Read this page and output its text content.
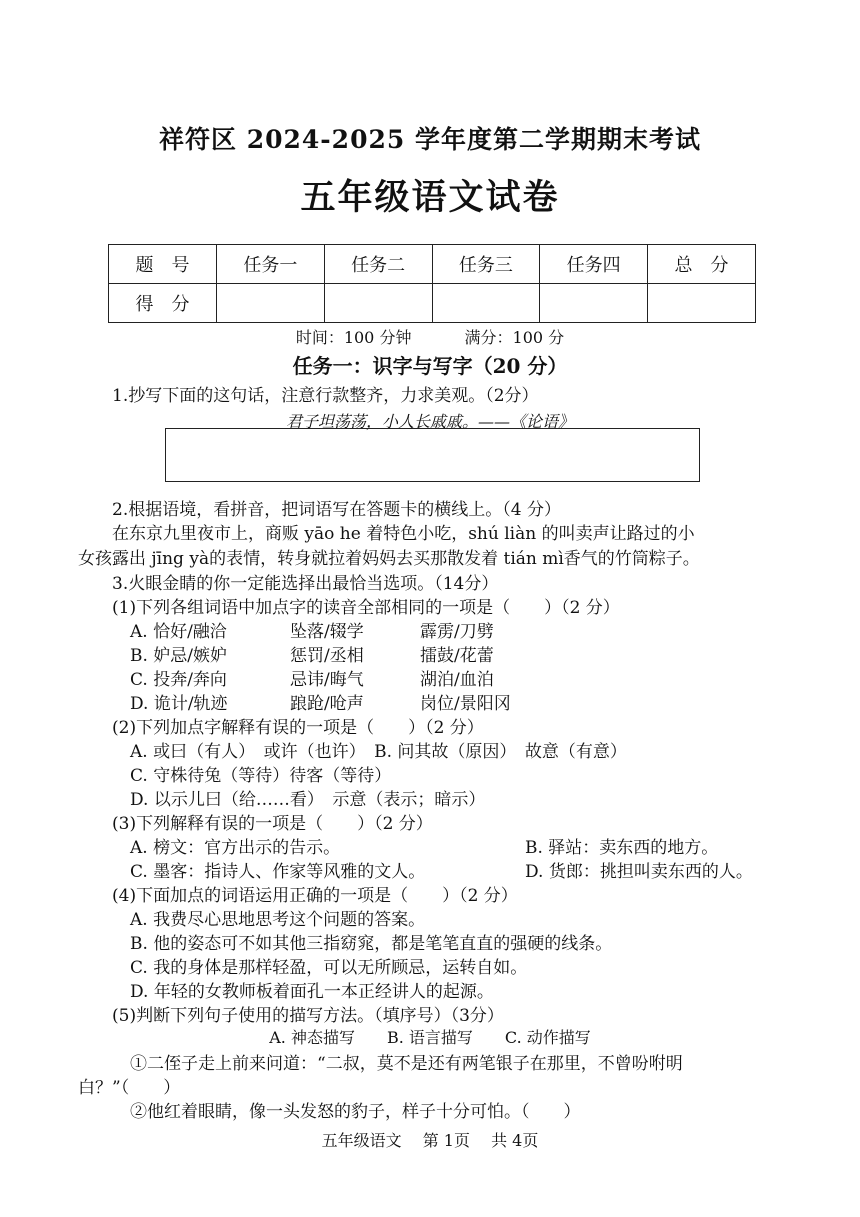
祥符区 2024-2025 学年度第二学期期末考试
五年级语文试卷
题　号	任务一	任务二	任务三	任务四	总　分
得　分					
时间：100 分钟	满分：100 分
任务一：识字与写字（20 分）
1.抄写下面的这句话，注意行款整齐，力求美观。（2分）
君子坦荡荡，小人长戚戚。——《论语》
2.根据语境，看拼音，把词语写在答题卡的横线上。（4 分）
在东京九里夜市上，商贩 yāo he 着特色小吃，shú liàn 的叫卖声让路过的小
女孩露出 jīng yà的表情，转身就拉着妈妈去买那散发着 tián mì香气的竹筒粽子。
3.火眼金睛的你一定能选择出最恰当选项。（14分）
(1)下列各组词语中加点字的读音全部相同的一项是（　　）（2 分）
A. 恰好/融洽	坠落/辍学	霹雳/刀劈
B. 妒忌/嫉妒	惩罚/丞相	擂鼓/花蕾
C. 投奔/奔向	忌讳/晦气	湖泊/血泊
D. 诡计/轨迹	踉跄/呛声	岗位/景阳冈
(2)下列加点字解释有误的一项是（　　）（2 分）
A. 或曰（有人）　或许（也许）　B. 问其故（原因）　故意（有意）
C. 守株待兔（等待）待客（等待）
D. 以示儿曰（给……看）　示意（表示；暗示）
(3)下列解释有误的一项是（　　）（2 分）
A. 榜文：官方出示的告示。	B. 驿站：卖东西的地方。
C. 墨客：指诗人、作家等风雅的文人。	D. 货郎：挑担叫卖东西的人。
(4)下面加点的词语运用正确的一项是（　　）（2 分）
A. 我费尽心思地思考这个问题的答案。
B. 他的姿态可不如其他三指窈窕，都是笔笔直直的强硬的线条。
C. 我的身体是那样轻盈，可以无所顾忌，运转自如。
D. 年轻的女教师板着面孔一本正经讲人的起源。
(5)判断下列句子使用的描写方法。（填序号）（3分）
A. 神态描写　　B. 语言描写　　C. 动作描写
①二侄子走上前来问道：“二叔，莫不是还有两笔银子在那里，不曾吩咐明
白？”（　　）
②他红着眼睛，像一头发怒的豹子，样子十分可怕。（　　）
五年级语文 第 1页 共 4页
